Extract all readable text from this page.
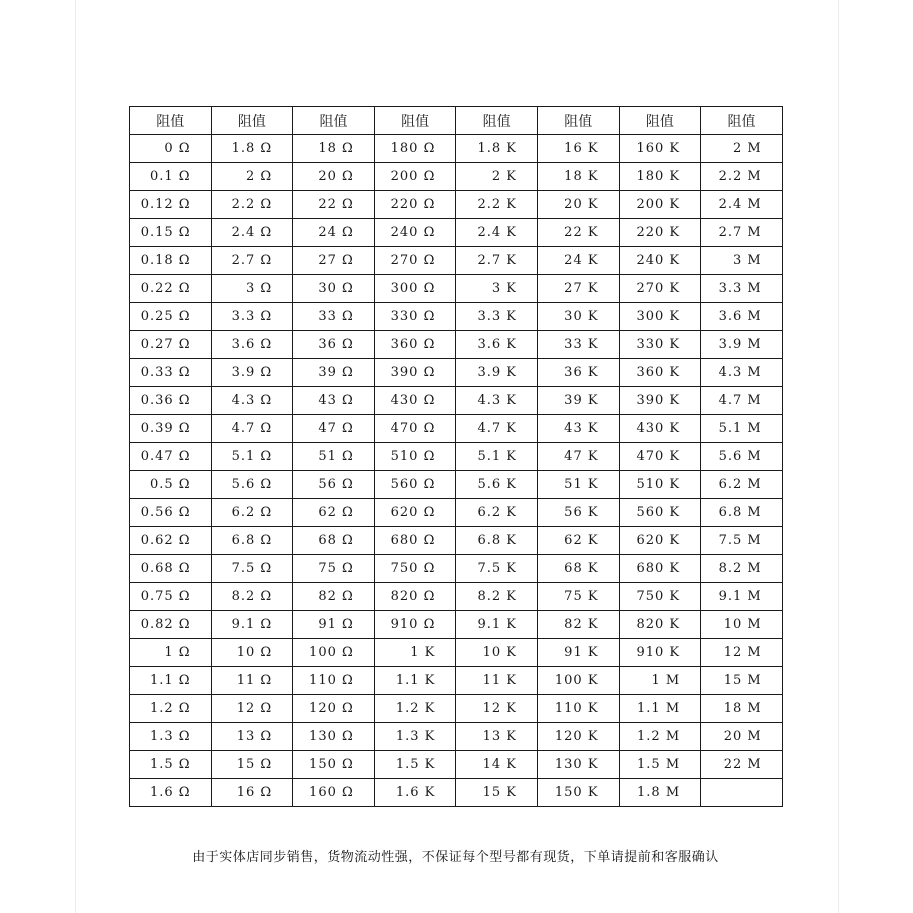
阻值	阻值	阻值	阻值	阻值	阻值	阻值	阻值
0 Ω	1.8 Ω	18 Ω	180 Ω	1.8 K	16 K	160 K	2 M
0.1 Ω	2 Ω	20 Ω	200 Ω	2 K	18 K	180 K	2.2 M
0.12 Ω	2.2 Ω	22 Ω	220 Ω	2.2 K	20 K	200 K	2.4 M
0.15 Ω	2.4 Ω	24 Ω	240 Ω	2.4 K	22 K	220 K	2.7 M
0.18 Ω	2.7 Ω	27 Ω	270 Ω	2.7 K	24 K	240 K	3 M
0.22 Ω	3 Ω	30 Ω	300 Ω	3 K	27 K	270 K	3.3 M
0.25 Ω	3.3 Ω	33 Ω	330 Ω	3.3 K	30 K	300 K	3.6 M
0.27 Ω	3.6 Ω	36 Ω	360 Ω	3.6 K	33 K	330 K	3.9 M
0.33 Ω	3.9 Ω	39 Ω	390 Ω	3.9 K	36 K	360 K	4.3 M
0.36 Ω	4.3 Ω	43 Ω	430 Ω	4.3 K	39 K	390 K	4.7 M
0.39 Ω	4.7 Ω	47 Ω	470 Ω	4.7 K	43 K	430 K	5.1 M
0.47 Ω	5.1 Ω	51 Ω	510 Ω	5.1 K	47 K	470 K	5.6 M
0.5 Ω	5.6 Ω	56 Ω	560 Ω	5.6 K	51 K	510 K	6.2 M
0.56 Ω	6.2 Ω	62 Ω	620 Ω	6.2 K	56 K	560 K	6.8 M
0.62 Ω	6.8 Ω	68 Ω	680 Ω	6.8 K	62 K	620 K	7.5 M
0.68 Ω	7.5 Ω	75 Ω	750 Ω	7.5 K	68 K	680 K	8.2 M
0.75 Ω	8.2 Ω	82 Ω	820 Ω	8.2 K	75 K	750 K	9.1 M
0.82 Ω	9.1 Ω	91 Ω	910 Ω	9.1 K	82 K	820 K	10 M
1 Ω	10 Ω	100 Ω	1 K	10 K	91 K	910 K	12 M
1.1 Ω	11 Ω	110 Ω	1.1 K	11 K	100 K	1 M	15 M
1.2 Ω	12 Ω	120 Ω	1.2 K	12 K	110 K	1.1 M	18 M
1.3 Ω	13 Ω	130 Ω	1.3 K	13 K	120 K	1.2 M	20 M
1.5 Ω	15 Ω	150 Ω	1.5 K	14 K	130 K	1.5 M	22 M
1.6 Ω	16 Ω	160 Ω	1.6 K	15 K	150 K	1.8 M	
由于实体店同步销售，货物流动性强，不保证每个型号都有现货，下单请提前和客服确认
